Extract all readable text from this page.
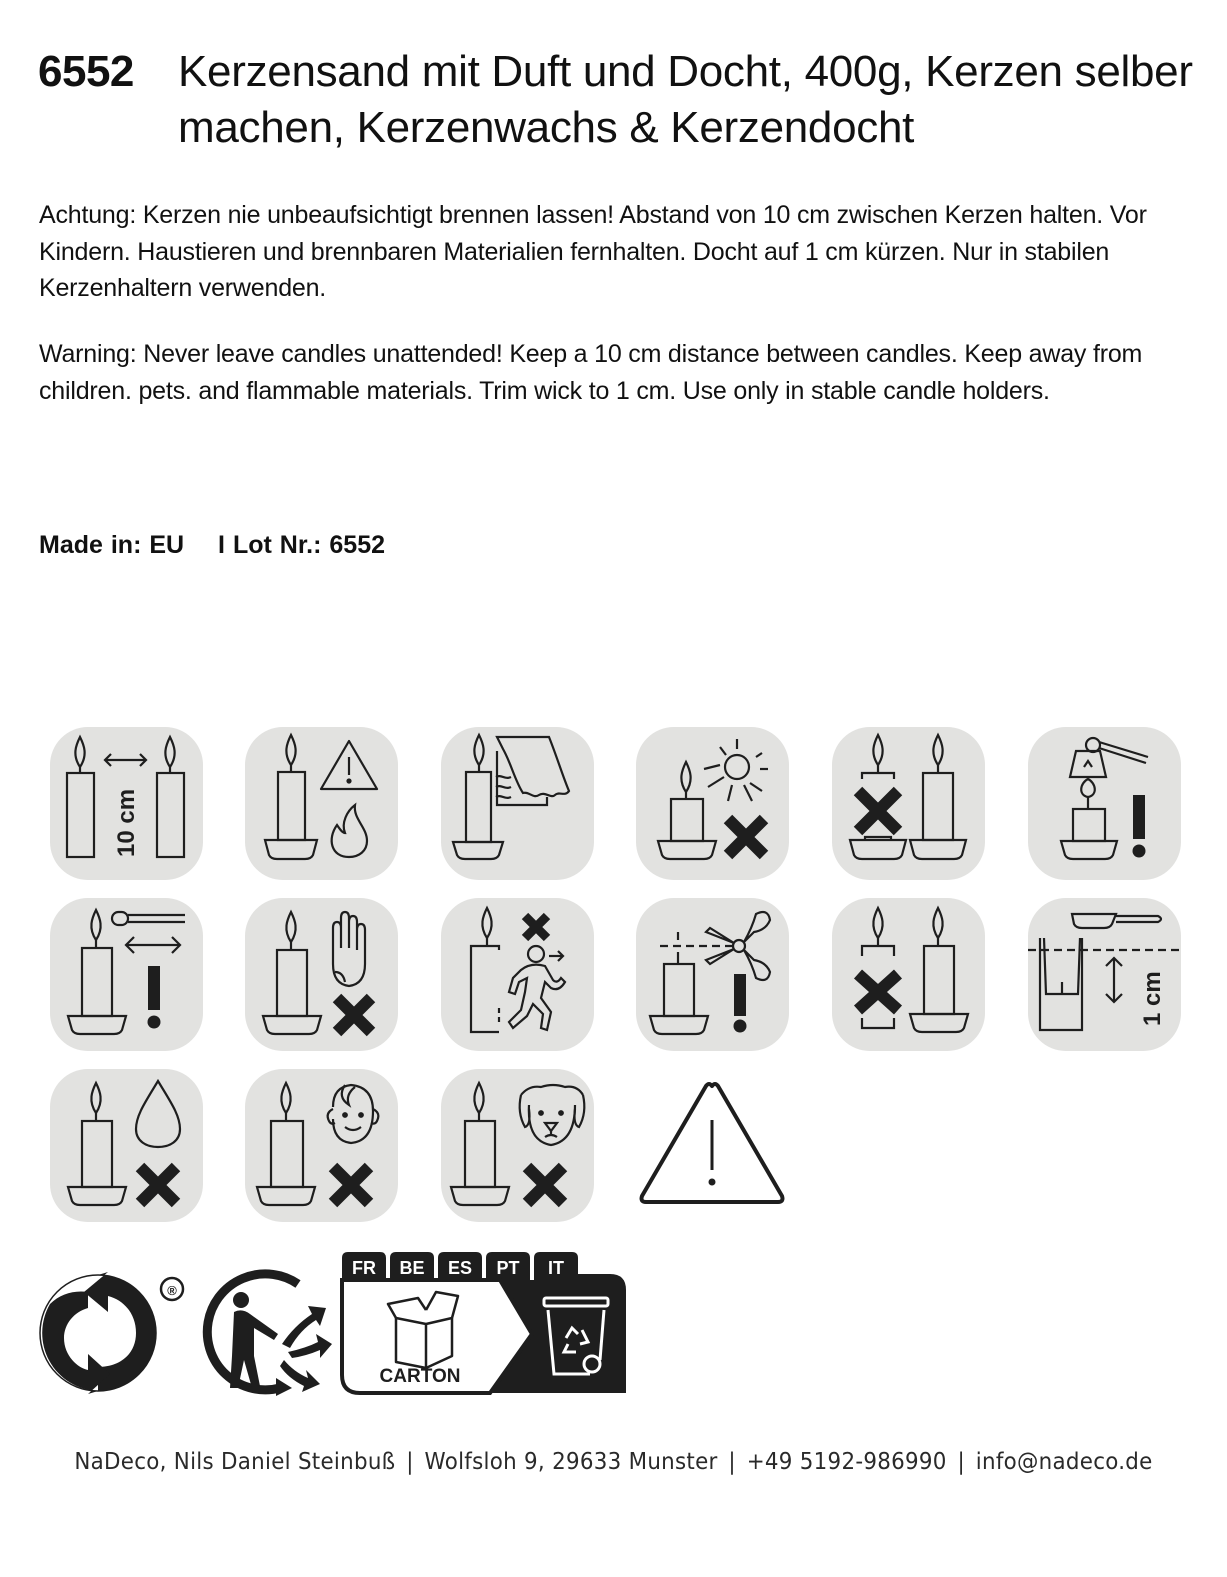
6552 Kerzensand mit Duft und Docht, 400g, Kerzen selber machen, Kerzenwachs & Kerzendocht
Achtung: Kerzen nie unbeaufsichtigt brennen lassen! Abstand von 10 cm zwischen Kerzen halten. Vor Kindern. Haustieren und brennbaren Materialien fernhalten. Docht auf 1 cm kürzen. Nur in stabilen Kerzenhaltern verwenden.
Warning: Never leave candles unattended! Keep a 10 cm distance between candles. Keep away from children. pets. and flammable materials. Trim wick to 1 cm. Use only in stable candle holders.
Made in: EU I Lot Nr.: 6552
10 cm
1 cm
®
FR BE ES PT IT
CARTON
NaDeco, Nils Daniel Steinbuß | Wolfsloh 9, 29633 Munster | +49 5192-986990 | info@nadeco.de
